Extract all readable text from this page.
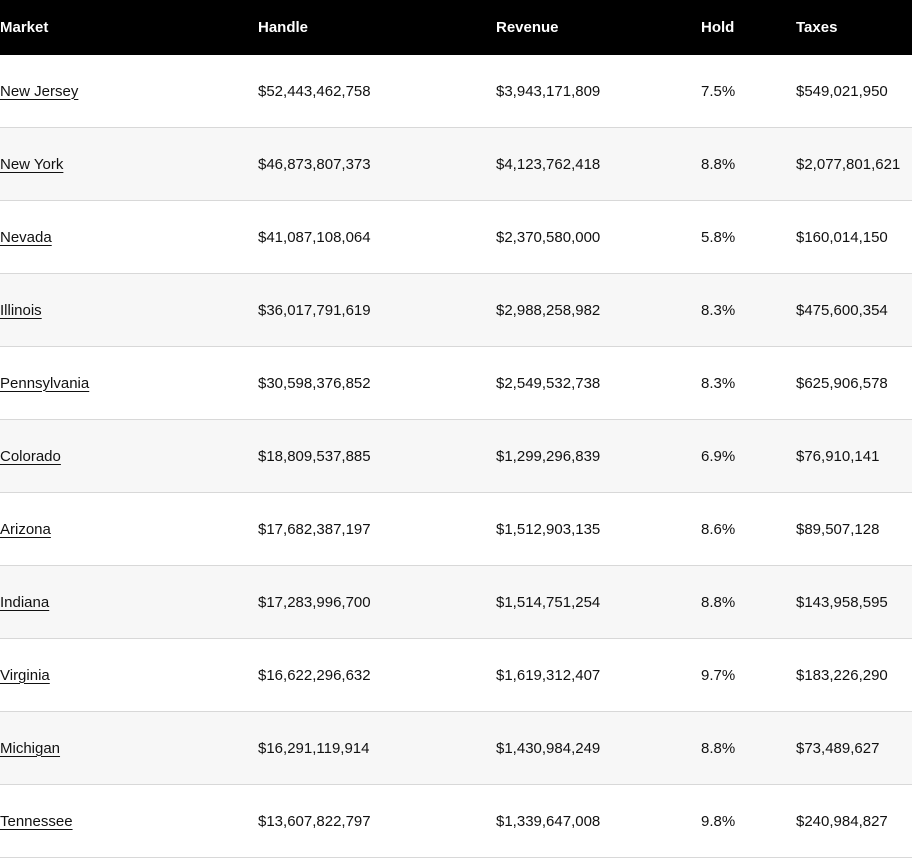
Market	Handle	Revenue	Hold	Taxes
New Jersey	$52,443,462,758	$3,943,171,809	7.5%	$549,021,950
New York	$46,873,807,373	$4,123,762,418	8.8%	$2,077,801,621
Nevada	$41,087,108,064	$2,370,580,000	5.8%	$160,014,150
Illinois	$36,017,791,619	$2,988,258,982	8.3%	$475,600,354
Pennsylvania	$30,598,376,852	$2,549,532,738	8.3%	$625,906,578
Colorado	$18,809,537,885	$1,299,296,839	6.9%	$76,910,141
Arizona	$17,682,387,197	$1,512,903,135	8.6%	$89,507,128
Indiana	$17,283,996,700	$1,514,751,254	8.8%	$143,958,595
Virginia	$16,622,296,632	$1,619,312,407	9.7%	$183,226,290
Michigan	$16,291,119,914	$1,430,984,249	8.8%	$73,489,627
Tennessee	$13,607,822,797	$1,339,647,008	9.8%	$240,984,827
